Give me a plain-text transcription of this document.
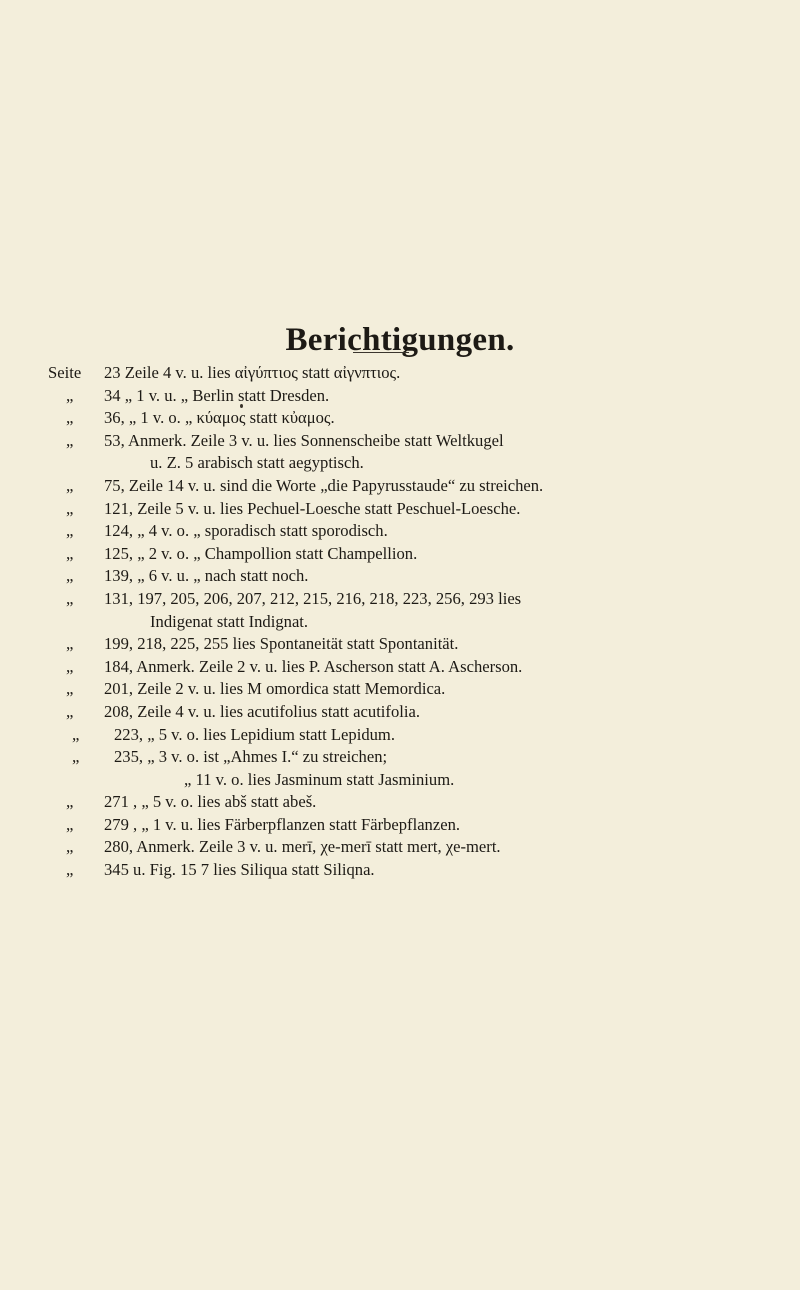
Berichtigungen.
Seite 23 Zeile 4 v. u. lies αἰγύπτιος statt αἰγνπτιος.
„ 34 „ 1 v. u. „ Berlin statt Dresden.
„ 36, „ 1 v. o. „ κύαμος statt κὐαμος.
„ 53, Anmerk. Zeile 3 v. u. lies Sonnenscheibe statt Weltkugel
u. Z. 5 arabisch statt aegyptisch.
„ 75, Zeile 14 v. u. sind die Worte „die Papyrusstaude“ zu streichen.
„ 121, Zeile 5 v. u. lies Pechuel-Loesche statt Peschuel-Loesche.
„ 124, „ 4 v. o. „ sporadisch statt sporodisch.
„ 125, „ 2 v. o. „ Champollion statt Champellion.
„ 139, „ 6 v. u. „ nach statt noch.
„ 131, 197, 205, 206, 207, 212, 215, 216, 218, 223, 256, 293 lies
Indigenat statt Indignat.
„ 199, 218, 225, 255 lies Spontaneität statt Spontanität.
„ 184, Anmerk. Zeile 2 v. u. lies P. Ascherson statt A. Ascherson.
„ 201, Zeile 2 v. u. lies M omordica statt Memordica.
„ 208, Zeile 4 v. u. lies acutifolius statt acutifolia.
„ 223, „ 5 v. o. lies Lepidium statt Lepidum.
„ 235, „ 3 v. o. ist „Ahmes I.“ zu streichen;
„ 11 v. o. lies Jasminum statt Jasminium.
„ 271 , „ 5 v. o. lies abš statt abeš.
„ 279 , „ 1 v. u. lies Färberpflanzen statt Färbepflanzen.
„ 280, Anmerk. Zeile 3 v. u. merī, χe-merī statt mert, χe-mert.
„ 345 u. Fig. 15 7 lies Siliqua statt Siliqna.
